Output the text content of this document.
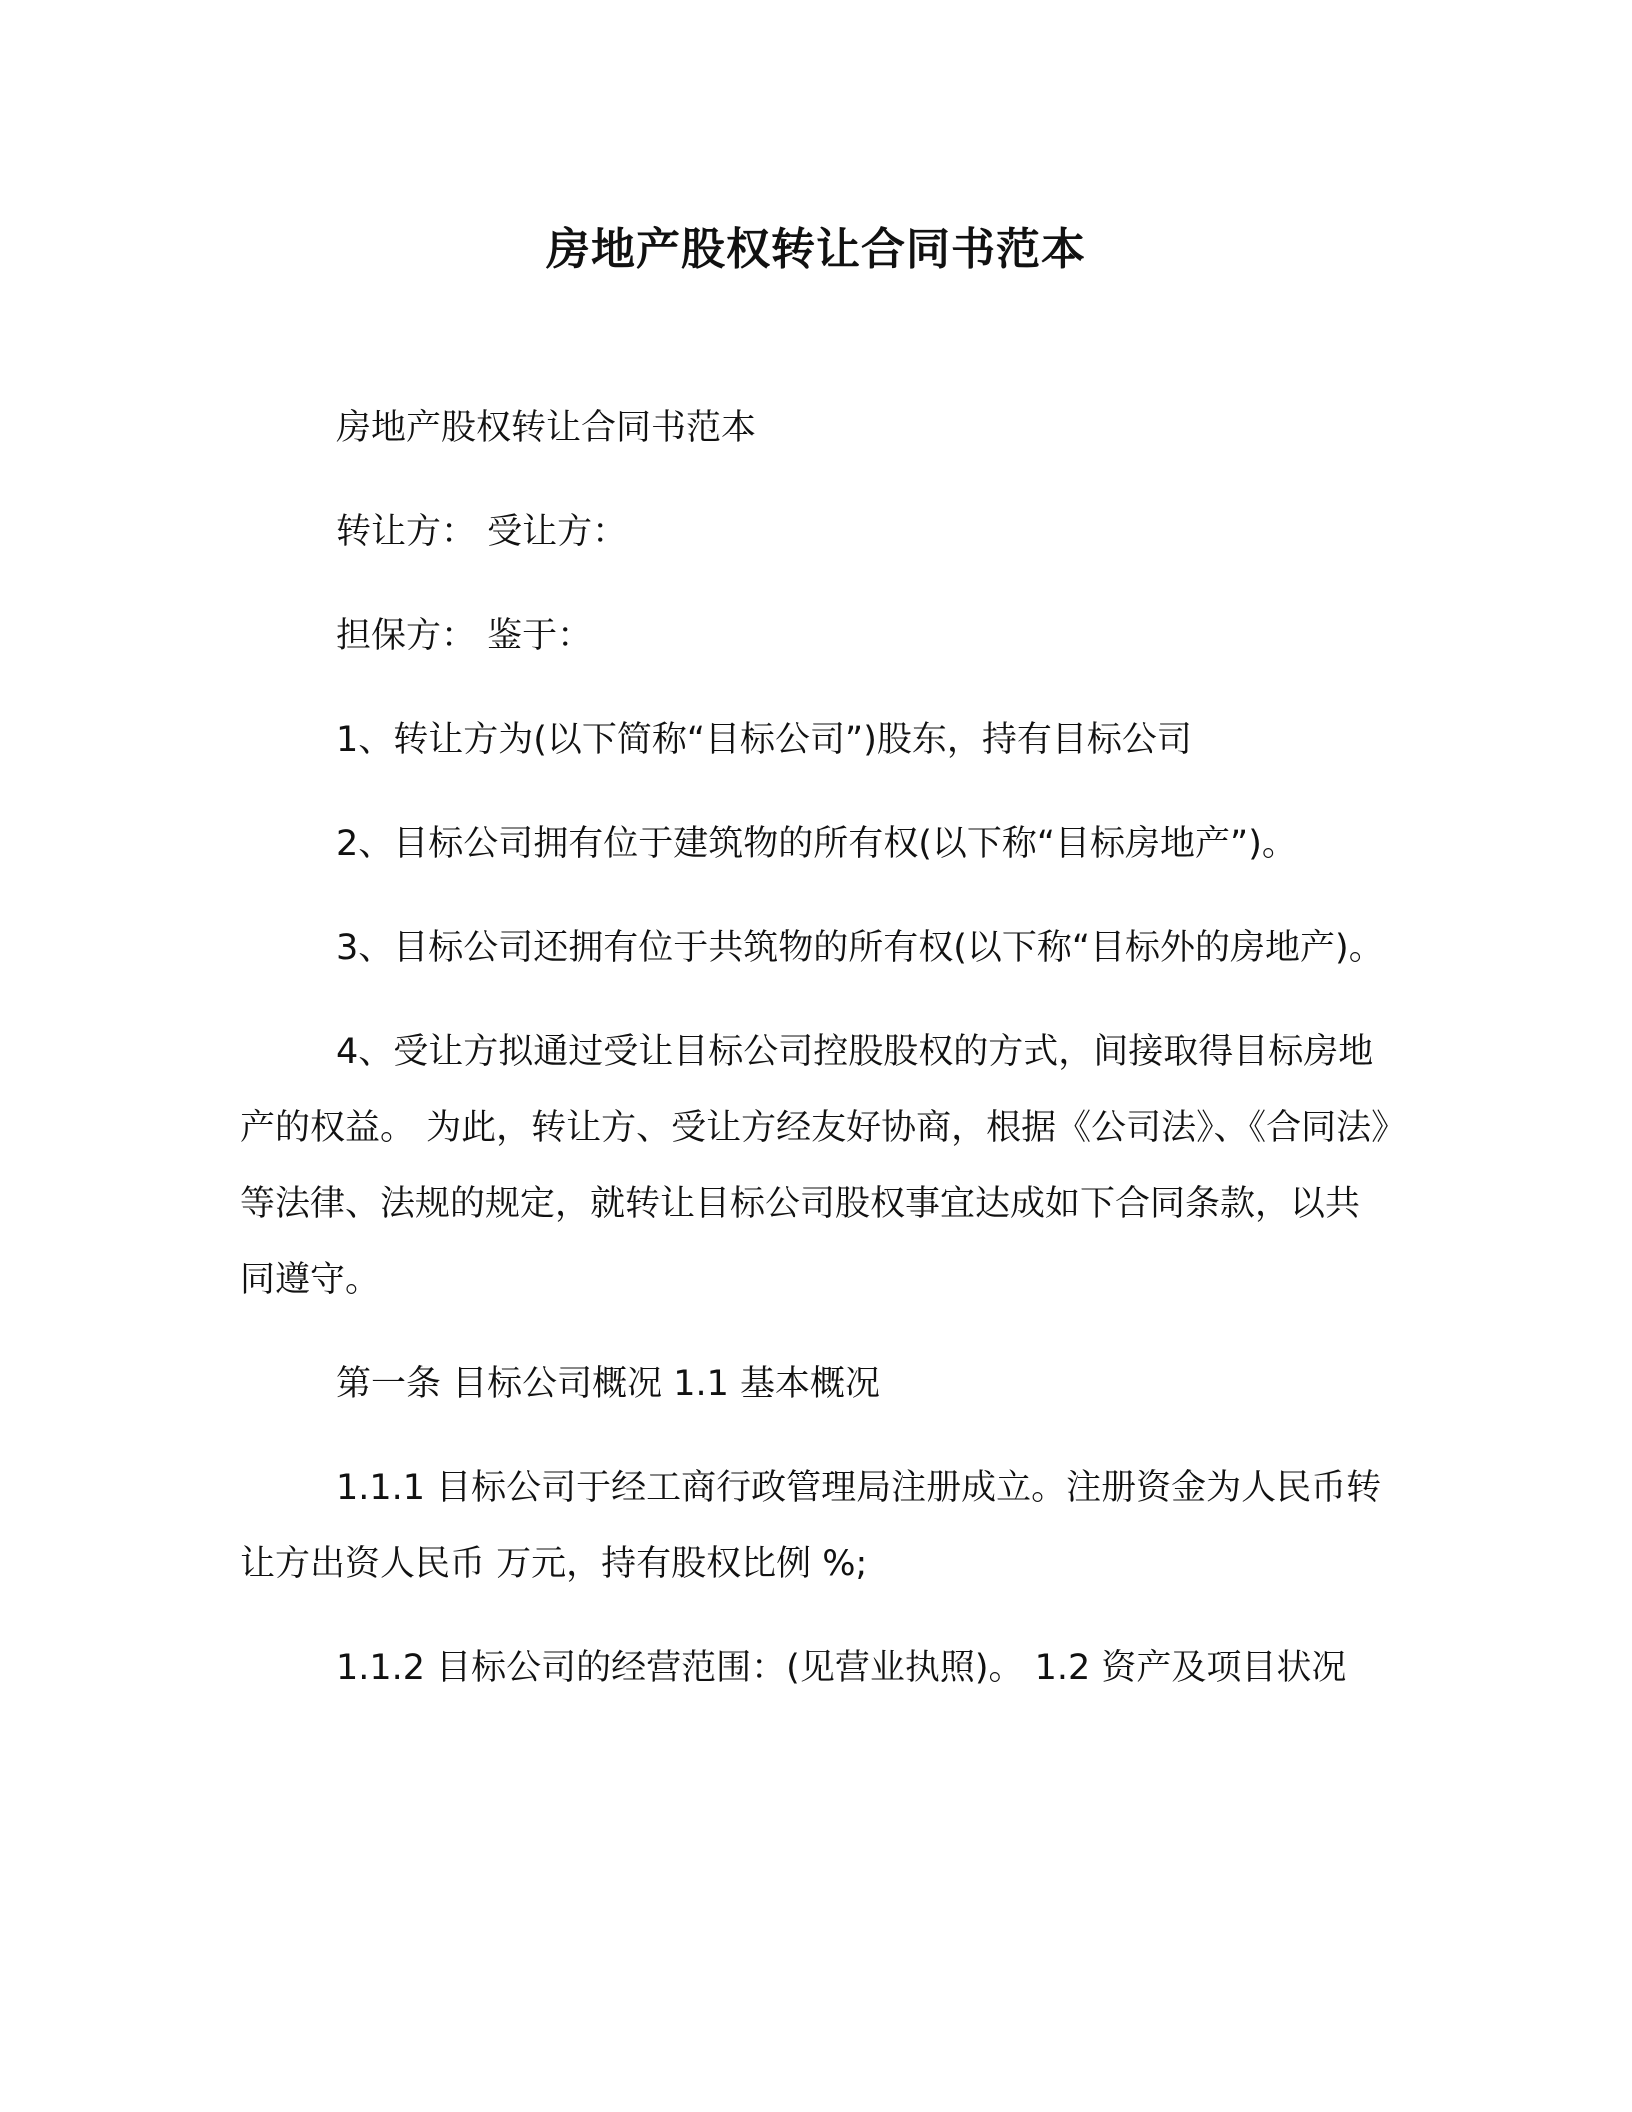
房地产股权转让合同书范本

房地产股权转让合同书范本

转让方： 受让方：

担保方： 鉴于：

1、转让方为(以下简称“目标公司”)股东，持有目标公司

2、目标公司拥有位于建筑物的所有权(以下称“目标房地产”)。

3、目标公司还拥有位于共筑物的所有权(以下称“目标外的房地产)。

4、受让方拟通过受让目标公司控股股权的方式，间接取得目标房地产的权益。 为此，转让方、受让方经友好协商，根据《公司法》、《合同法》等法律、法规的规定，就转让目标公司股权事宜达成如下合同条款，以共同遵守。

第一条 目标公司概况 1.1 基本概况

1.1.1 目标公司于经工商行政管理局注册成立。注册资金为人民币转让方出资人民币 万元，持有股权比例 %;

1.1.2 目标公司的经营范围：(见营业执照)。 1.2 资产及项目状况
